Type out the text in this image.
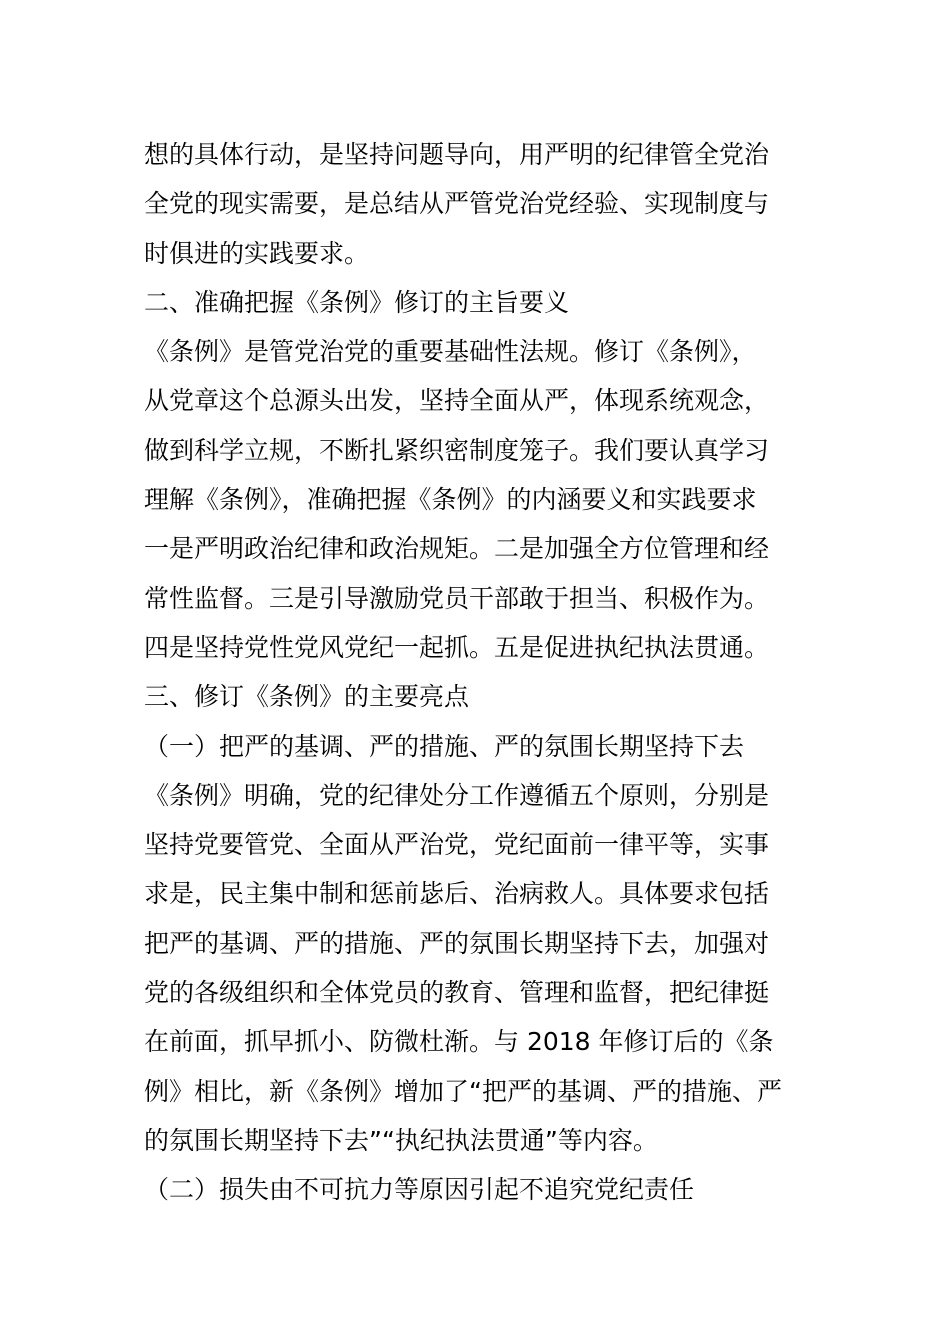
想的具体行动，是坚持问题导向，用严明的纪律管全党治
全党的现实需要，是总结从严管党治党经验、实现制度与
时俱进的实践要求。
二、准确把握《条例》修订的主旨要义
《条例》是管党治党的重要基础性法规。修订《条例》，
从党章这个总源头出发，坚持全面从严，体现系统观念，
做到科学立规，不断扎紧织密制度笼子。我们要认真学习
理解《条例》，准确把握《条例》的内涵要义和实践要求
一是严明政治纪律和政治规矩。二是加强全方位管理和经
常性监督。三是引导激励党员干部敢于担当、积极作为。
四是坚持党性党风党纪一起抓。五是促进执纪执法贯通。
三、修订《条例》的主要亮点
（一）把严的基调、严的措施、严的氛围长期坚持下去
《条例》明确，党的纪律处分工作遵循五个原则，分别是
坚持党要管党、全面从严治党，党纪面前一律平等，实事
求是，民主集中制和惩前毖后、治病救人。具体要求包括
把严的基调、严的措施、严的氛围长期坚持下去，加强对
党的各级组织和全体党员的教育、管理和监督，把纪律挺
在前面，抓早抓小、防微杜渐。与 2018 年修订后的《条
例》相比，新《条例》增加了“把严的基调、严的措施、严
的氛围长期坚持下去”“执纪执法贯通”等内容。
（二）损失由不可抗力等原因引起不追究党纪责任
